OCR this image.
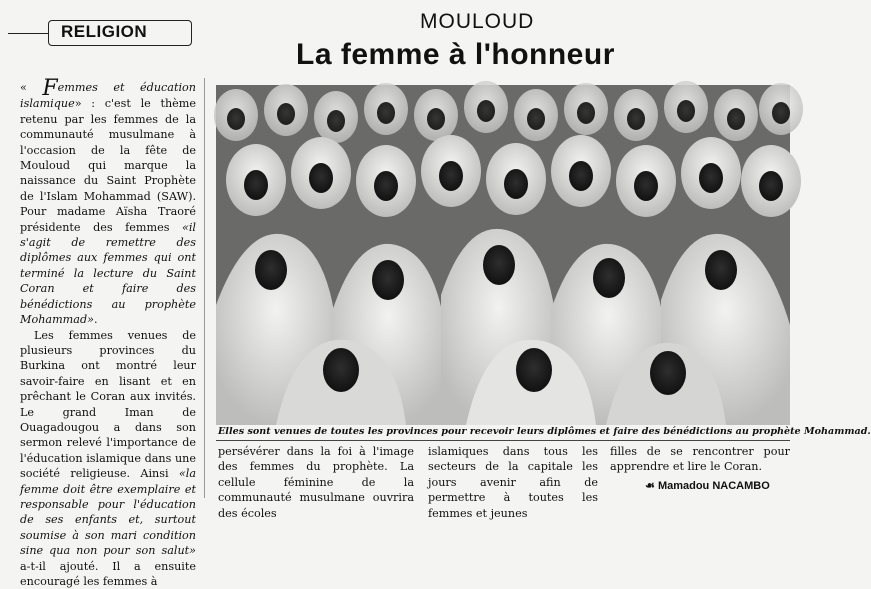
RELIGION	MOULOUD
La femme à l'honneur

« Femmes et éducation islamique» : c'est le thème retenu par les femmes de la communauté musulmane à l'occasion de la fête de Mouloud qui marque la naissance du Saint Prophète de l'Islam Mohammad (SAW). Pour madame Aïsha Traoré présidente des femmes «il s'agit de remettre des diplômes aux femmes qui ont terminé la lecture du Saint Coran et faire des bénédictions au prophète Mohammad».

Les femmes venues de plusieurs provinces du Burkina ont montré leur savoir-faire en lisant et en prêchant le Coran aux invités. Le grand Iman de Ouagadougou a dans son sermon relevé l'importance de l'éducation islamique dans une société religieuse. Ainsi «la femme doit être exemplaire et responsable pour l'éducation de ses enfants et, surtout soumise à son mari condition sine qua non pour son salut» a-t-il ajouté. Il a ensuite encouragé les femmes à

Elles sont venues de toutes les provinces pour recevoir leurs diplômes et faire des bénédictions au prophète Mohammad.
persévérer dans la foi à l'image des femmes du prophète. La cellule féminine de la communauté musulmane ouvrira des écoles
islamiques dans tous les secteurs de la capitale les jours avenir afin de permettre à toutes les femmes et jeunes
filles de se rencontrer pour apprendre et lire le Coran.
☙ Mamadou NACAMBO
